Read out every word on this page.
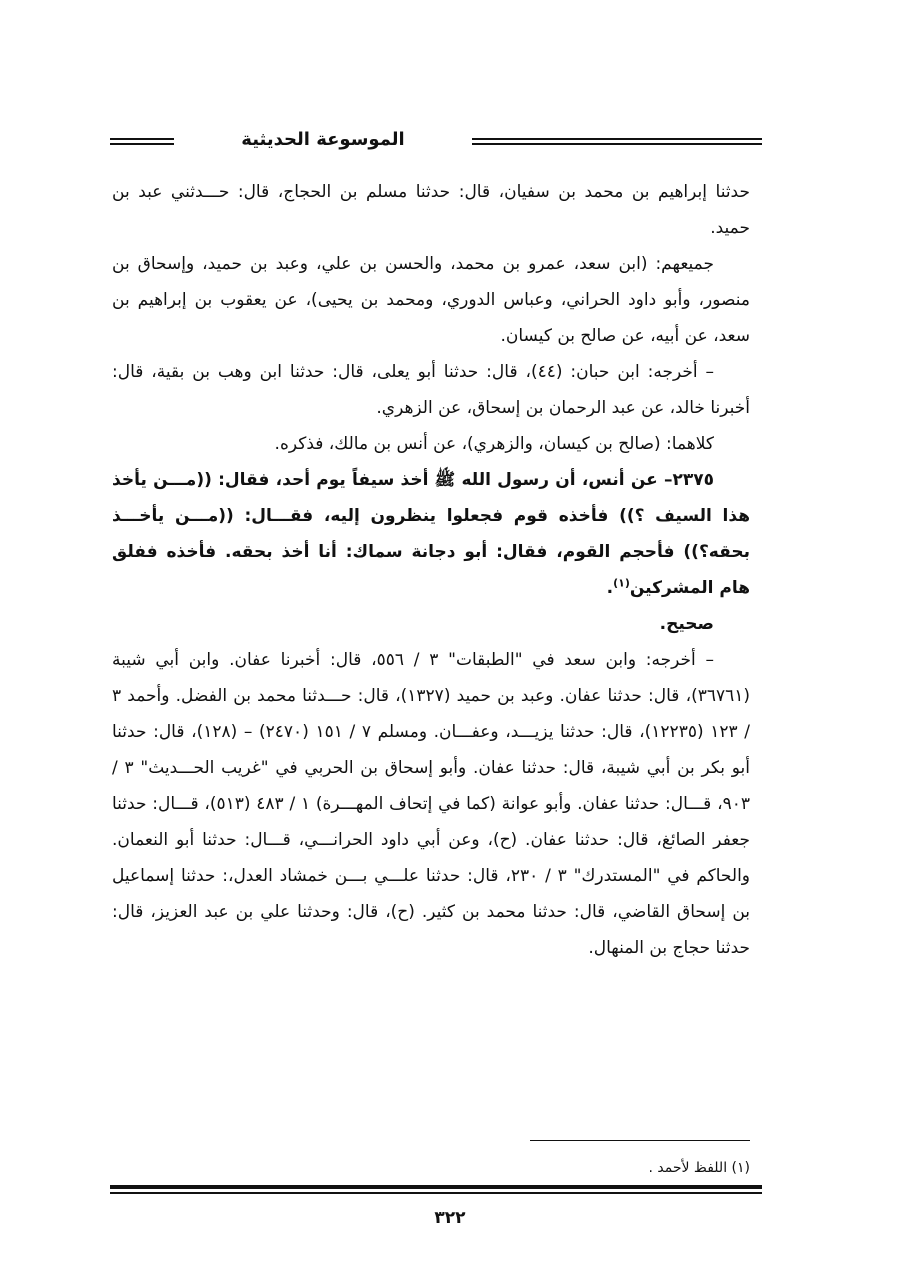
الموسوعة الحديثية

حدثنا إبراهيم بن محمد بن سفيان، قال: حدثنا مسلم بن الحجاج، قال: حـــدثني عبد بن حميد.

جميعهم: (ابن سعد، عمرو بن محمد، والحسن بن علي، وعبد بن حميد، وإسحاق بن منصور، وأبو داود الحراني، وعباس الدوري، ومحمد بن يحيى)، عن يعقوب بن إبراهيم بن سعد، عن أبيه، عن صالح بن كيسان.

– أخرجه: ابن حبان: (٤٤)، قال: حدثنا أبو يعلى، قال: حدثنا ابن وهب بن بقية، قال: أخبرنا خالد، عن عبد الرحمان بن إسحاق، عن الزهري.

كلاهما: (صالح بن كيسان، والزهري)، عن أنس بن مالك، فذكره.

٢٣٧٥– عن أنس، أن رسول الله ﷺ أخذ سيفاً يوم أحد، فقال: ((مـــن يأخذ هذا السيف ؟)) فأخذه قوم فجعلوا ينظرون إليه، فقـــال: ((مـــن يأخـــذ بحقه؟)) فأحجم القوم، فقال: أبو دجانة سماك: أنا أخذ بحقه. فأخذه ففلق هام المشركين$^{(١)}$.

صحيح.

– أخرجه: وابن سعد في "الطبقات" ٣ / ٥٥٦، قال: أخبرنا عفان. وابن أبي شيبة (٣٦٧٦١)، قال: حدثنا عفان. وعبد بن حميد (١٣٢٧)، قال: حـــدثنا محمد بن الفضل. وأحمد ٣ / ١٢٣ (١٢٢٣٥)، قال: حدثنا يزيـــد، وعفـــان. ومسلم ٧ / ١٥١ (٢٤٧٠) – (١٢٨)، قال: حدثنا أبو بكر بن أبي شيبة، قال: حدثنا عفان. وأبو إسحاق بن الحربي في "غريب الحـــديث" ٣ / ٩٠٣، قـــال: حدثنا عفان. وأبو عوانة (كما في إتحاف المهـــرة) ١ / ٤٨٣ (٥١٣)، قـــال: حدثنا جعفر الصائغ، قال: حدثنا عفان. (ح)، وعن أبي داود الحرانـــي، قـــال: حدثنا أبو النعمان. والحاكم في "المستدرك" ٣ / ٢٣٠، قال: حدثنا علـــي بـــن خمشاد العدل،: حدثنا إسماعيل بن إسحاق القاضي، قال: حدثنا محمد بن كثير. (ح)، قال: وحدثنا علي بن عبد العزيز، قال: حدثنا حجاج بن المنهال.

(١) اللفظ لأحمد .
٣٢٢
